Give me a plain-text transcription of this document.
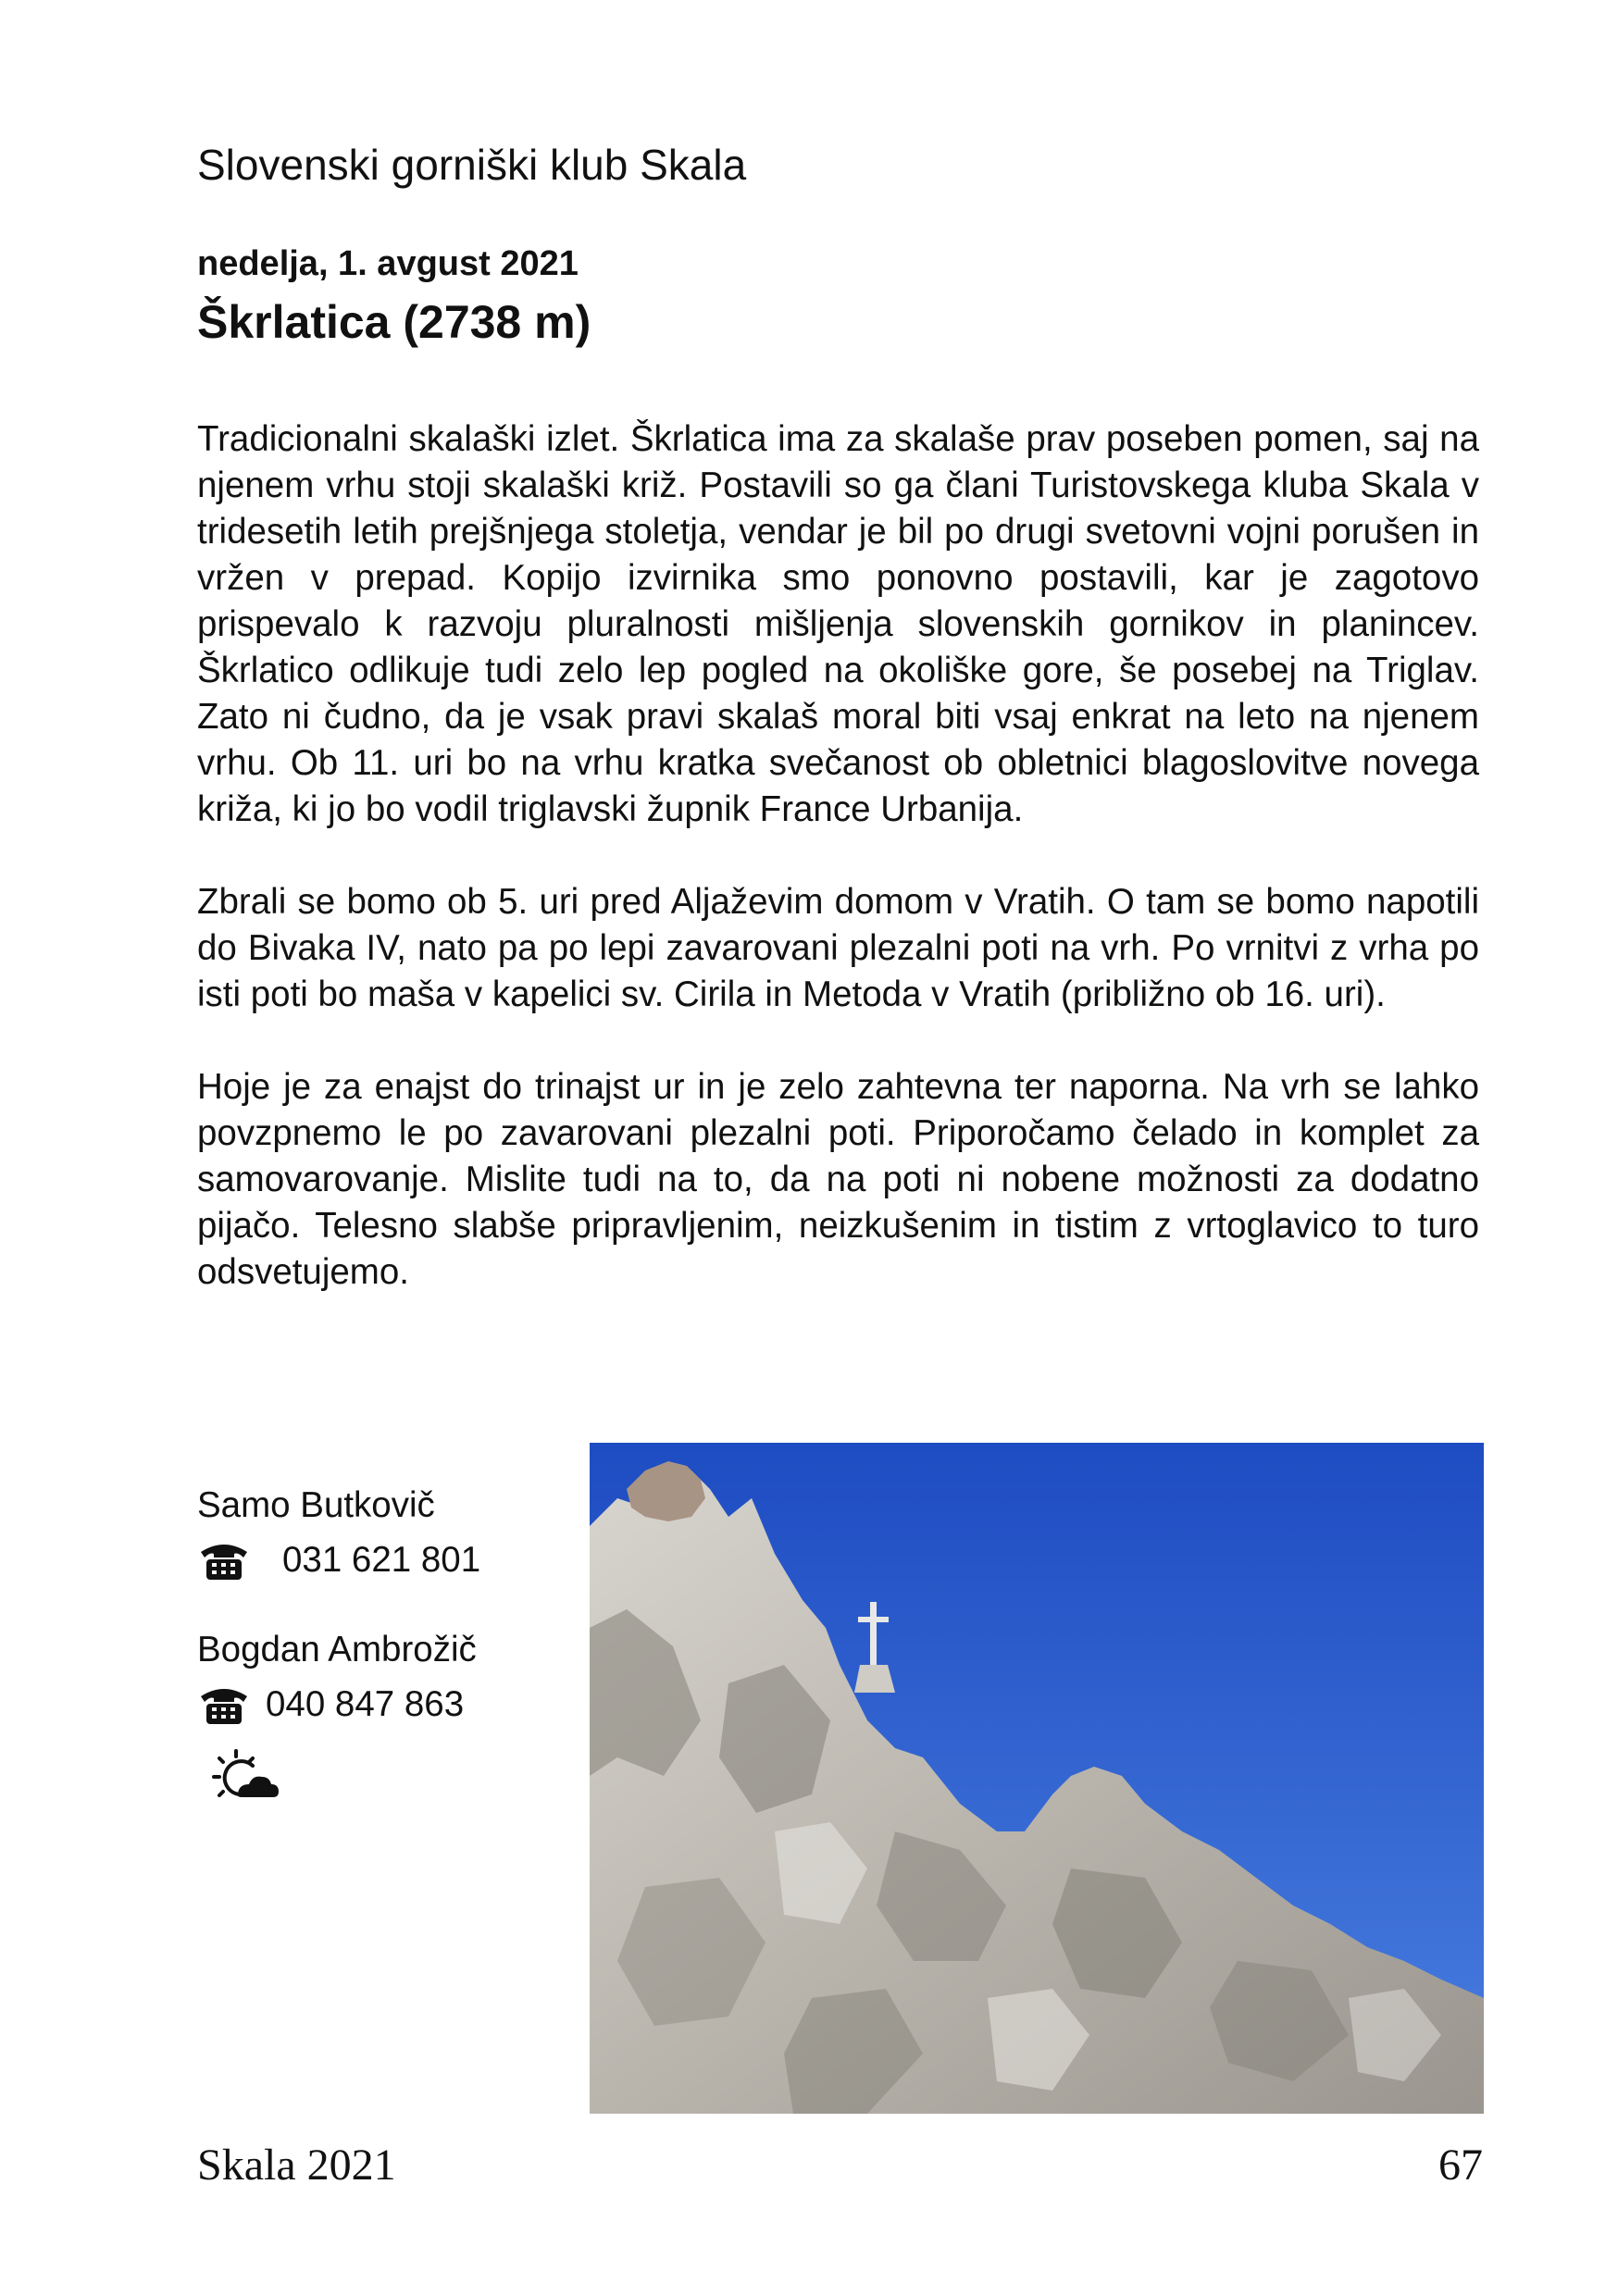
Slovenski gorniški klub Skala
nedelja, 1. avgust 2021
Škrlatica (2738 m)

Tradicionalni skalaški izlet. Škrlatica ima za skalaše prav poseben pomen, saj na njenem vrhu stoji skalaški križ. Postavili so ga člani Turistovskega kluba Skala v tridesetih letih prejšnjega stoletja, vendar je bil po drugi svetovni vojni porušen in vržen v prepad. Kopijo izvirnika smo ponovno postavili, kar je zagotovo prispevalo k razvoju pluralnosti mišljenja slovenskih gornikov in planincev. Škrlatico odlikuje tudi zelo lep pogled na okoliške gore, še posebej na Triglav. Zato ni čudno, da je vsak pravi skalaš moral biti vsaj enkrat na leto na njenem vrhu. Ob 11. uri bo na vrhu kratka svečanost ob obletnici blagoslovitve novega križa, ki jo bo vodil triglavski župnik France Urbanija.

Zbrali se bomo ob 5. uri pred Aljaževim domom v Vratih. O tam se bomo napotili do Bivaka IV, nato pa po lepi zavarovani plezalni poti na vrh. Po vrnitvi z vrha po isti poti bo maša v kapelici sv. Cirila in Metoda v Vratih (približno ob 16. uri).

Hoje je za enajst do trinajst ur in je zelo zahtevna ter naporna. Na vrh se lahko povzpnemo le po zavarovani plezalni poti. Priporočamo čelado in komplet za samovarovanje. Mislite tudi na to, da na poti ni nobene možnosti za dodatno pijačo. Telesno slabše pripravljenim, neizkušenim in tistim z vrtoglavico to turo odsvetujemo.

Samo Butkovič
031 621 801
Bogdan Ambrožič
040 847 863
Skala 2021	67
